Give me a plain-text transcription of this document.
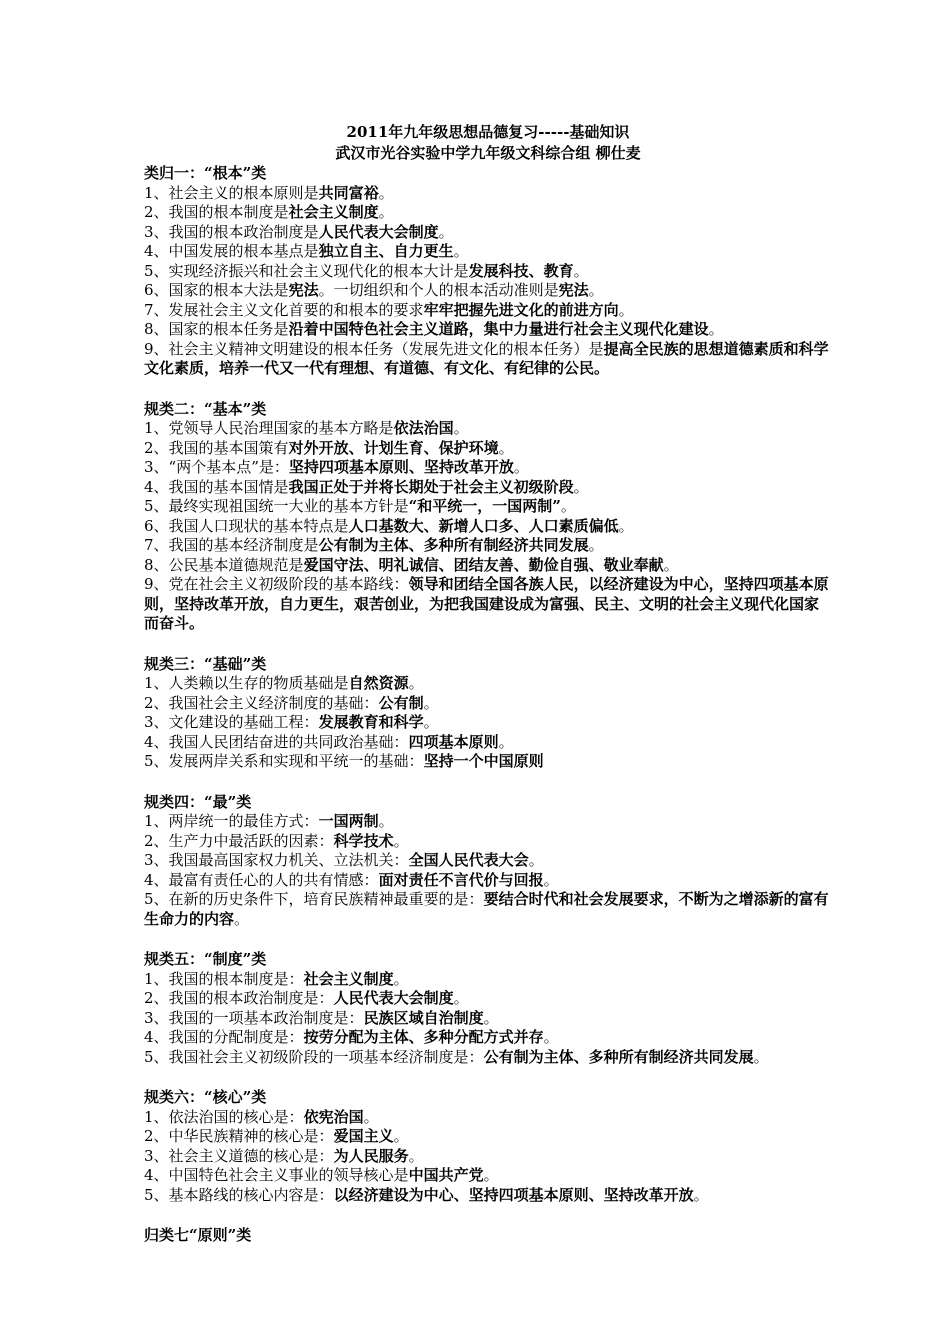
2011年九年级思想品德复习-----基础知识
武汉市光谷实验中学九年级文科综合组 柳仕麦
类归一：“根本”类

1、社会主义的根本原则是共同富裕。

2、我国的根本制度是社会主义制度。

3、我国的根本政治制度是人民代表大会制度。

4、中国发展的根本基点是独立自主、自力更生。

5、实现经济振兴和社会主义现代化的根本大计是发展科技、教育。

6、国家的根本大法是宪法。一切组织和个人的根本活动准则是宪法。

7、发展社会主义文化首要的和根本的要求牢牢把握先进文化的前进方向。

8、国家的根本任务是沿着中国特色社会主义道路，集中力量进行社会主义现代化建设。

9、社会主义精神文明建设的根本任务（发展先进文化的根本任务）是提高全民族的思想道德素质和科学文化素质，培养一代又一代有理想、有道德、有文化、有纪律的公民。

规类二：“基本”类

1、党领导人民治理国家的基本方略是依法治国。

2、我国的基本国策有对外开放、计划生育、保护环境。

3、“两个基本点”是：坚持四项基本原则、坚持改革开放。

4、我国的基本国情是我国正处于并将长期处于社会主义初级阶段。

5、最终实现祖国统一大业的基本方针是“和平统一，一国两制”。

6、我国人口现状的基本特点是人口基数大、新增人口多、人口素质偏低。

7、我国的基本经济制度是公有制为主体、多种所有制经济共同发展。

8、公民基本道德规范是爱国守法、明礼诚信、团结友善、勤俭自强、敬业奉献。

9、党在社会主义初级阶段的基本路线：领导和团结全国各族人民，以经济建设为中心，坚持四项基本原则，坚持改革开放，自力更生，艰苦创业，为把我国建设成为富强、民主、文明的社会主义现代化国家而奋斗。

规类三：“基础”类

1、人类赖以生存的物质基础是自然资源。

2、我国社会主义经济制度的基础：公有制。

3、文化建设的基础工程：发展教育和科学。

4、我国人民团结奋进的共同政治基础：四项基本原则。

5、发展两岸关系和实现和平统一的基础：坚持一个中国原则

规类四：“最”类

1、两岸统一的最佳方式：一国两制。

2、生产力中最活跃的因素：科学技术。

3、我国最高国家权力机关、立法机关：全国人民代表大会。

4、最富有责任心的人的共有情感：面对责任不言代价与回报。

5、在新的历史条件下，培育民族精神最重要的是：要结合时代和社会发展要求，不断为之增添新的富有生命力的内容。

规类五：“制度”类

1、我国的根本制度是：社会主义制度。

2、我国的根本政治制度是：人民代表大会制度。

3、我国的一项基本政治制度是：民族区域自治制度。

4、我国的分配制度是：按劳分配为主体、多种分配方式并存。

5、我国社会主义初级阶段的一项基本经济制度是：公有制为主体、多种所有制经济共同发展。

规类六：“核心”类

1、依法治国的核心是：依宪治国。

2、中华民族精神的核心是：爱国主义。

3、社会主义道德的核心是：为人民服务。

4、中国特色社会主义事业的领导核心是中国共产党。

5、基本路线的核心内容是：以经济建设为中心、坚持四项基本原则、坚持改革开放。

归类七“原则”类
